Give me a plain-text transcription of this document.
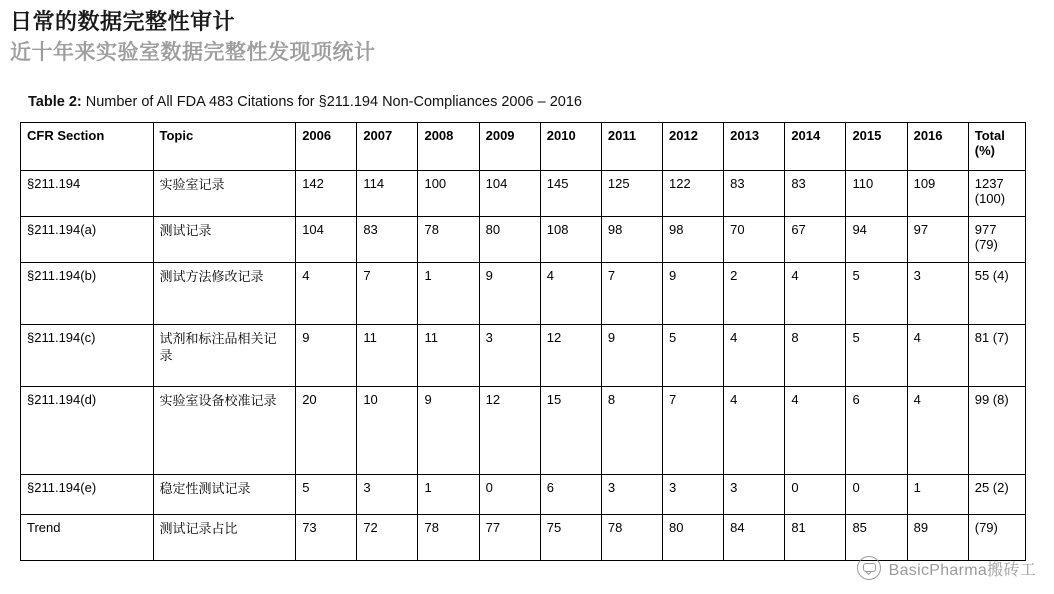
日常的数据完整性审计
近十年来实验室数据完整性发现项统计
Table 2: Number of All FDA 483 Citations for §211.194 Non-Compliances 2006 – 2016
CFR Section	Topic	2006	2007	2008	2009	2010	2011	2012	2013	2014	2015	2016	Total (%)
§211.194	实验室记录	142	114	100	104	145	125	122	83	83	110	109	1237 (100)
§211.194(a)	测试记录	104	83	78	80	108	98	98	70	67	94	97	977 (79)
§211.194(b)	测试方法修改记录	4	7	1	9	4	7	9	2	4	5	3	55 (4)
§211.194(c)	试剂和标注品相关记录	9	11	11	3	12	9	5	4	8	5	4	81 (7)
§211.194(d)	实验室设备校准记录	20	10	9	12	15	8	7	4	4	6	4	99 (8)
§211.194(e)	稳定性测试记录	5	3	1	0	6	3	3	3	0	0	1	25 (2)
Trend	测试记录占比	73	72	78	77	75	78	80	84	81	85	89	(79)
BasicPharma搬砖工
